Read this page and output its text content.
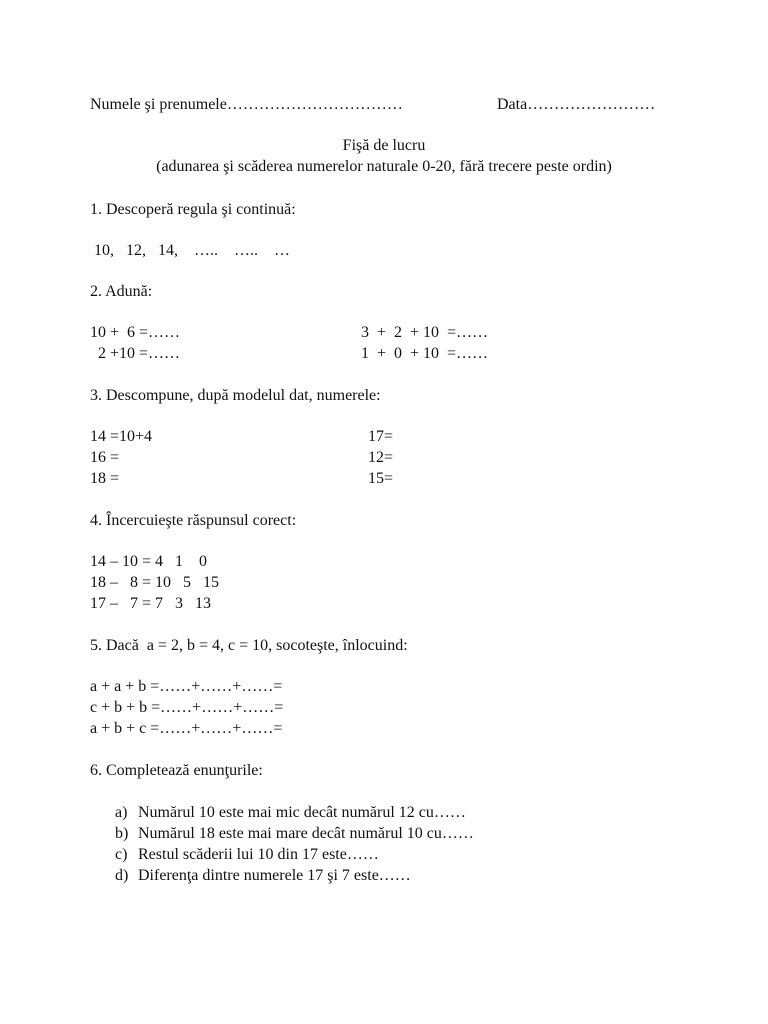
Numele şi prenumele……………………………	Data……………………
Fişă de lucru
(adunarea şi scăderea numerelor naturale 0-20, fără trecere peste ordin)
1. Descoperă regula şi continuă:
10,   12,   14,    …..    …..    …
2. Adună:
10 +  6 =……
2 +10 =……
3  +  2  + 10  =……
1  +  0  + 10  =……
3. Descompune, după modelul dat, numerele:
14 =10+4
16 =
18 =
17=
12=
15=
4. Încercuieşte răspunsul corect:
14 – 10 = 4   1    0
18 –   8 = 10   5   15
17 –   7 = 7   3   13
5. Dacă  a = 2, b = 4, c = 10, socoteşte, înlocuind:
a + a + b =……+……+……=
c + b + b =……+……+……=
a + b + c =……+……+……=
6. Completează enunţurile:
a) Numărul 10 este mai mic decât numărul 12 cu……
b) Numărul 18 este mai mare decât numărul 10 cu……
c) Restul scăderii lui 10 din 17 este……
d) Diferenţa dintre numerele 17 şi 7 este……
